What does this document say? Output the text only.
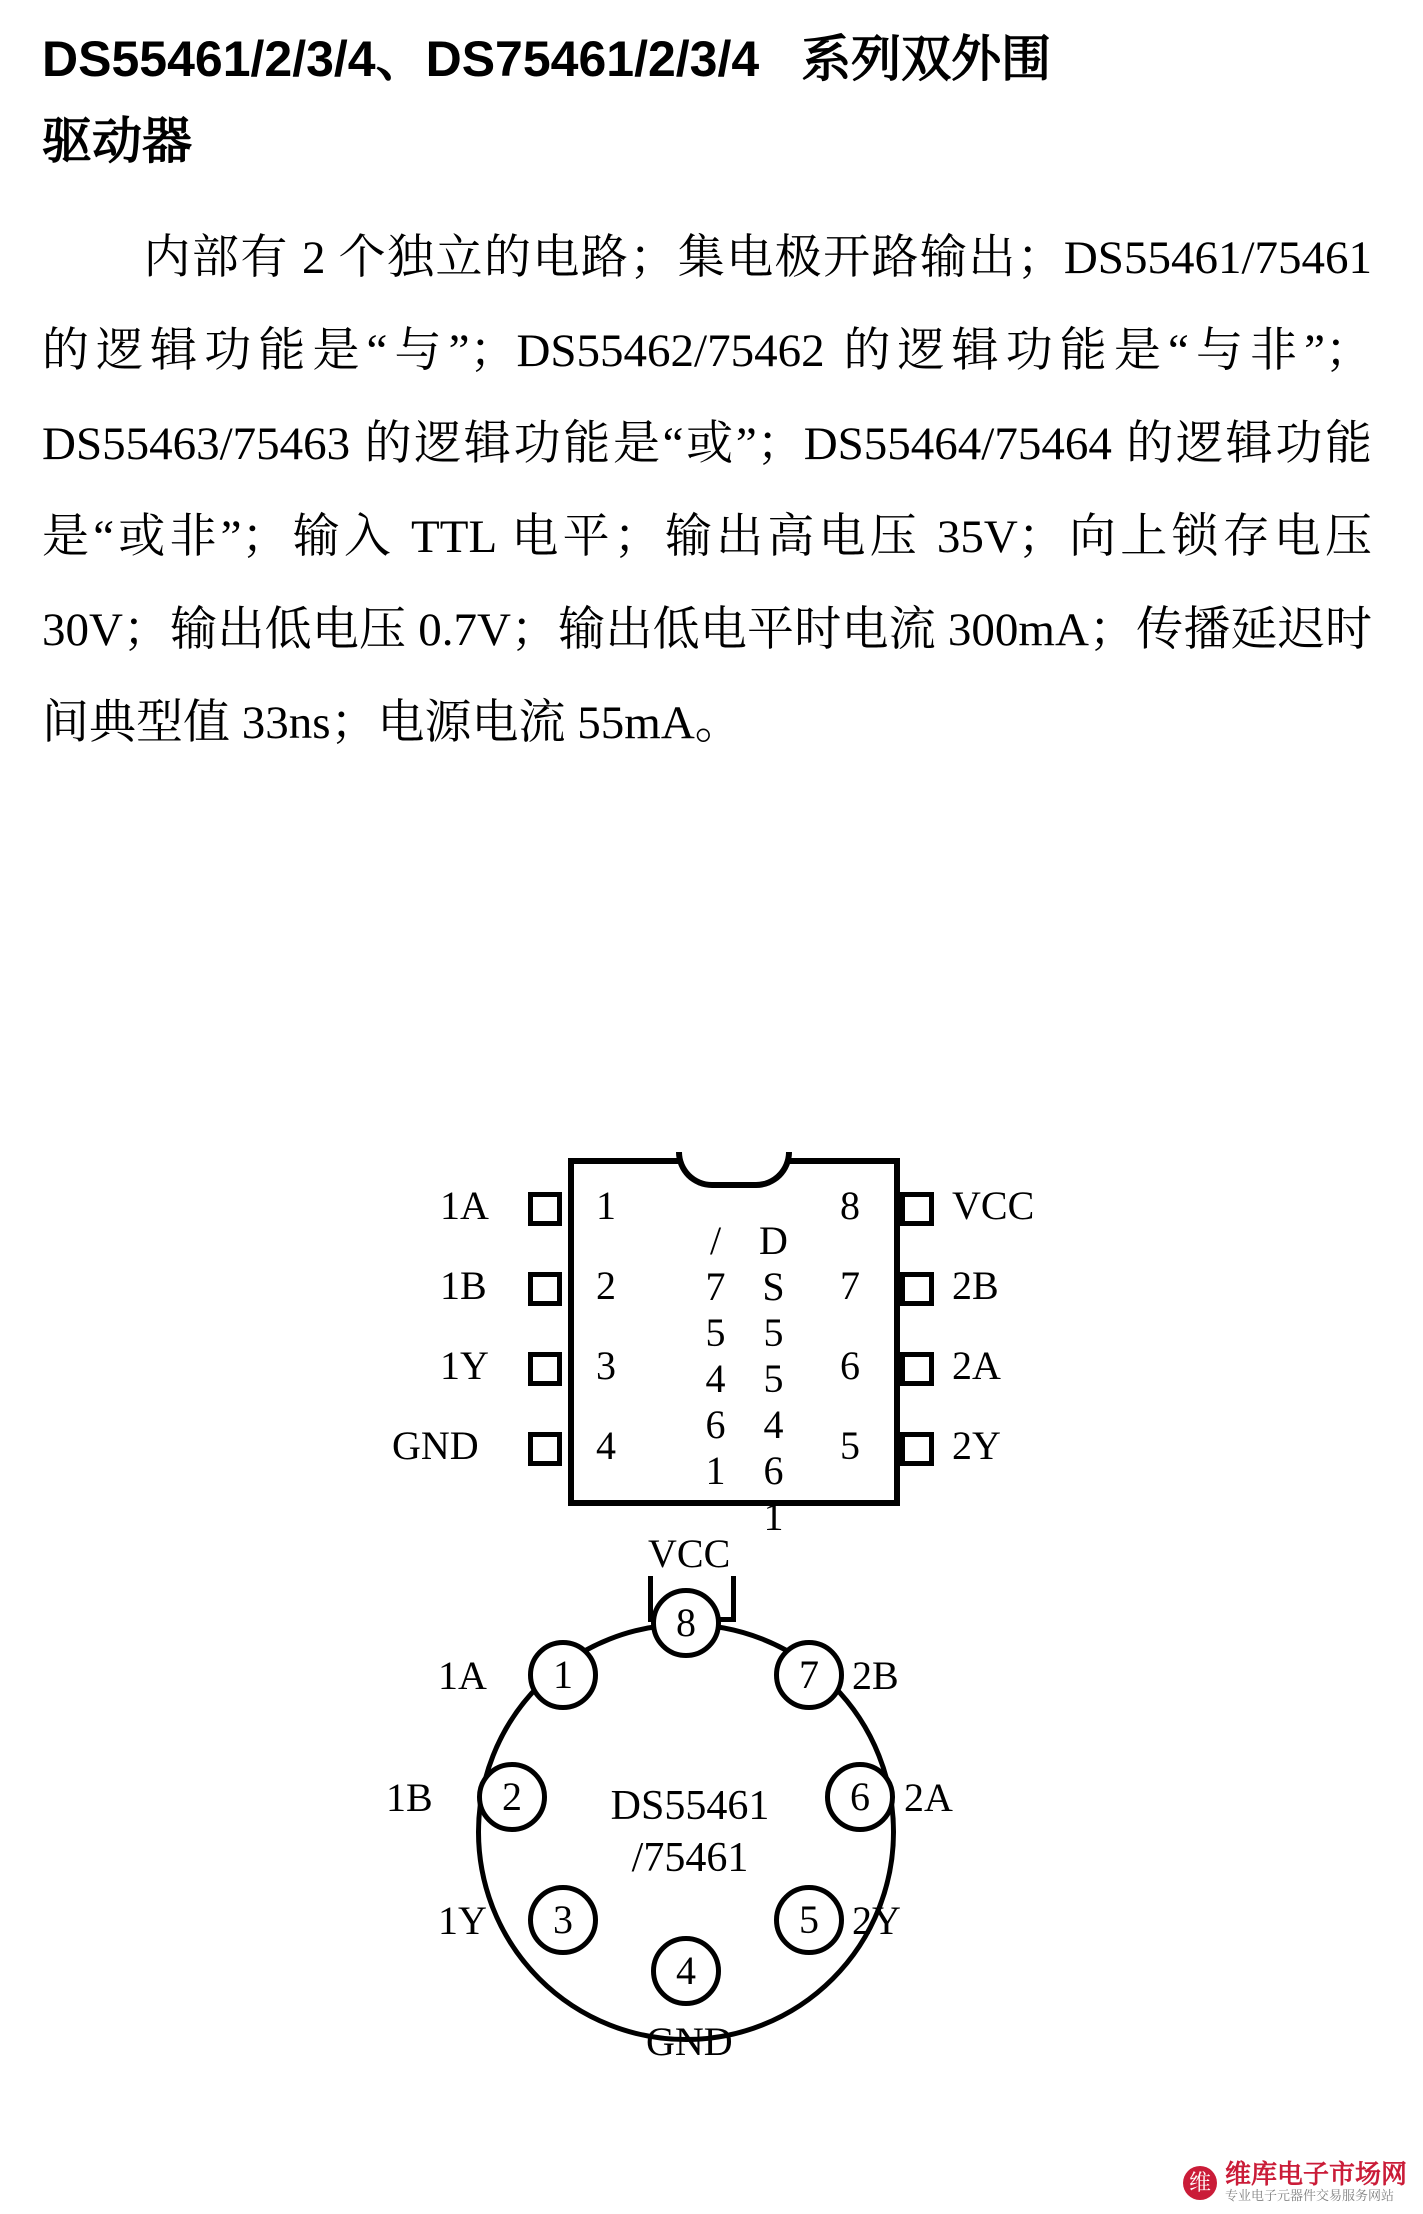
DS55461/2/3/4、DS75461/2/3/4 系列双外围
驱动器
内部有 2 个独立的电路；集电极开路输出；DS55461/75461 的逻辑功能是“与”；DS55462/75462 的逻辑功能是“与非”；DS55463/75463 的逻辑功能是“或”；DS55464/75464 的逻辑功能是“或非”；输入 TTL 电平；输出高电压 35V；向上锁存电压 30V；输出低电压 0.7V；输出低电平时电流 300mA；传播延迟时间典型值 33ns；电源电流 55mA。
DS55461
/75461
1
2
3
4
1A
1B
1Y
GND
8
7
6
5
VCC
2B
2A
2Y
VCC
DS55461
/75461
8
1
2
3
4
5
6
7
1A
1B
1Y
2B
2A
2Y
GND
维 维库电子市场网
专业电子元器件交易服务网站
